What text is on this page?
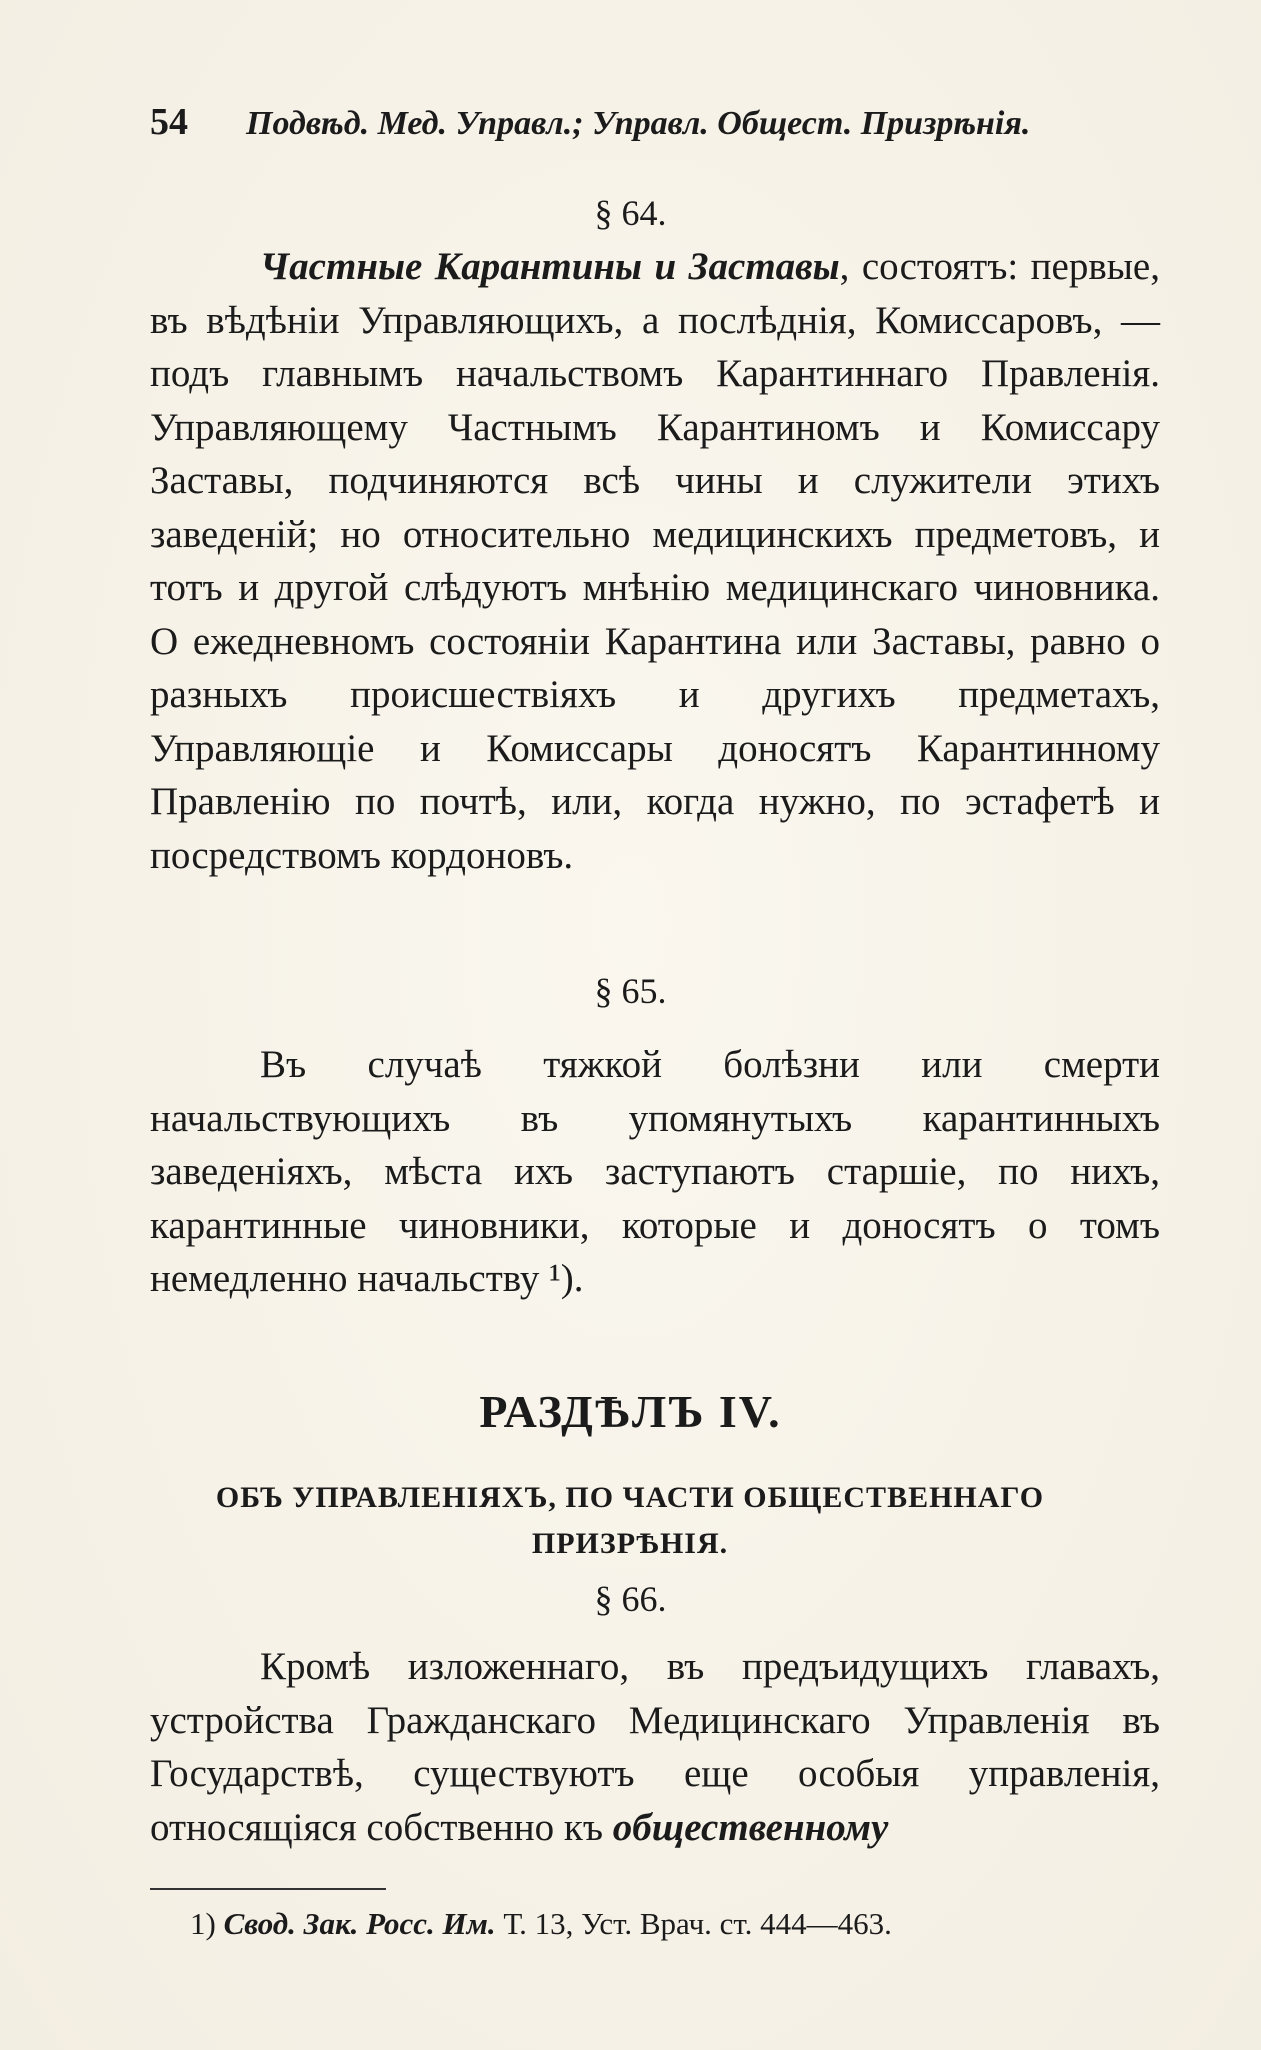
54 Подвѣд. Мед. Управл.; Управл. Общест. Призрѣнія.
§ 64.

Частные Карантины и Заставы, состоятъ: первые, въ вѣдѣніи Управляющихъ, а послѣднія, Комиссаровъ, — подъ главнымъ начальствомъ Карантиннаго Правленія. Управляющему Частнымъ Карантиномъ и Комиссару Заставы, подчиняются всѣ чины и служители этихъ заведеній; но относительно медицинскихъ предметовъ, и тотъ и другой слѣдуютъ мнѣнію медицинскаго чиновника. О ежедневномъ состояніи Карантина или Заставы, равно о разныхъ происшествіяхъ и другихъ предметахъ, Управляющіе и Комиссары доносятъ Карантинному Правленію по почтѣ, или, когда нужно, по эстафетѣ и посредствомъ кордоновъ.

§ 65.

Въ случаѣ тяжкой болѣзни или смерти начальствующихъ въ упомянутыхъ карантинныхъ заведеніяхъ, мѣста ихъ заступаютъ старшіе, по нихъ, карантинные чиновники, которые и доносятъ о томъ немедленно начальству ¹).

РАЗДѢЛЪ IV.
ОБЪ УПРАВЛЕНІЯХЪ, ПО ЧАСТИ ОБЩЕСТВЕННАГО ПРИЗРѢНІЯ.
§ 66.

Кромѣ изложеннаго, въ предъидущихъ главахъ, устройства Гражданскаго Медицинскаго Управленія въ Государствѣ, существуютъ еще особыя управленія, относящіяся собственно къ общественному

1) Свод. Зак. Росс. Им. Т. 13, Уст. Врач. ст. 444—463.
